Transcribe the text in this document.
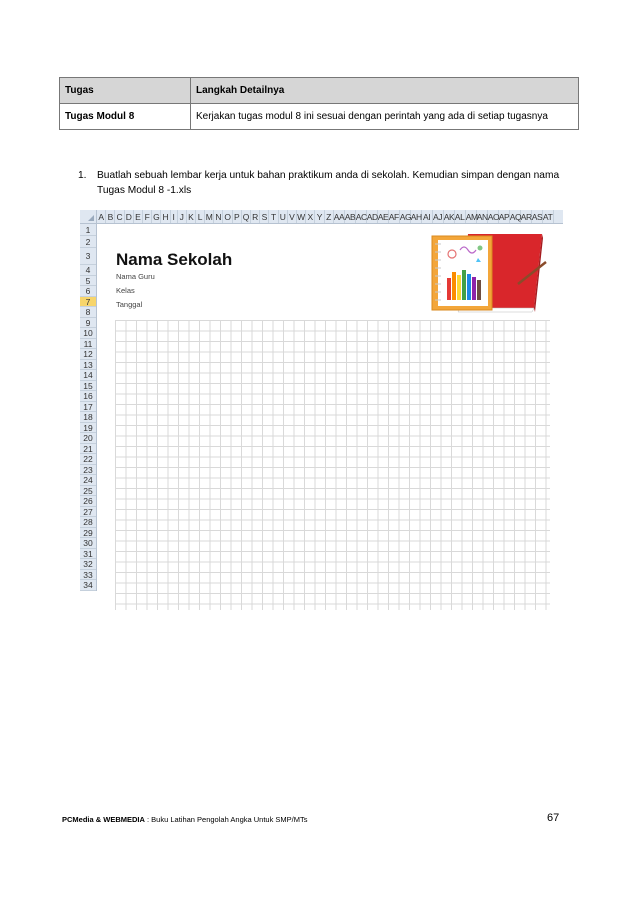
Tugas	Langkah Detailnya
Tugas Modul 8	Kerjakan tugas modul 8 ini sesuai dengan perintah yang ada di setiap tugasnya
1. Buatlah sebuah lembar kerja untuk bahan praktikum anda di sekolah. Kemudian simpan dengan nama Tugas Modul 8 -1.xls
A B C D E F G H I J K L M N O P Q R S T U V W X Y Z AA AB AC AD AE AF AG AH AI AJ AK AL AM
AN AO AP AQ AR AS AT
1
2
3
4
5
6
7
8
9
10
11
12
13
14
15
16
17
18
19
20
21
22
23
24
25
26
27
28
29
30
31
32
33
34
Nama Sekolah
Nama Guru
Kelas
Tanggal
PCMedia & WEBMEDIA : Buku Latihan Pengolah Angka Untuk SMP/MTs	67
